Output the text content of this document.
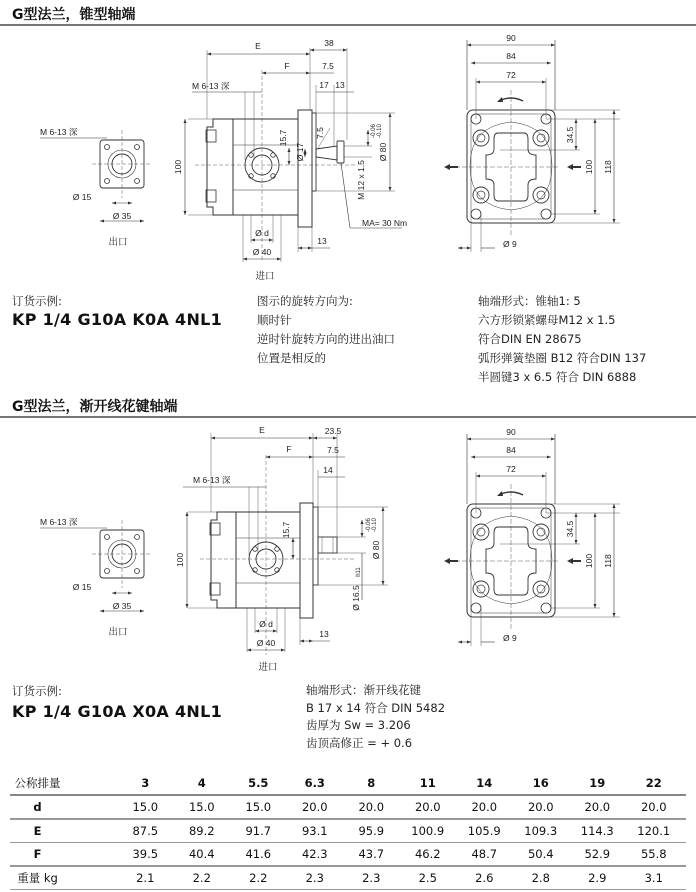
G型法兰，锥型轴端
G型法兰，渐开线花键轴端
M 6-13 深
Ø 15
Ø 35
出口
M 6-13 深
Ø 15
Ø 35
出口
E	38
F	7.5
17 13
M 6-13 深
100
15.7
Ø 17
7.5
Ø 80
-0.06 -0.10
M 12 x 1.5
MA= 30 Nm
Ø d
Ø 40
13
进口
E	23.5
F	7.5
14
M 6-13 深
100
15.7
Ø 80
-0.06 -0.10
h11
Ø 16.5
Ø d
Ø 40
13
进口
90
84
72
34.5
100 118
Ø 9
90
84
72
34.5
100 118
Ø 9
订货示例:
KP 1/4 G10A K0A 4NL1
图示的旋转方向为:
顺时针
逆时针旋转方向的进出油口
位置是相反的
轴端形式：锥轴1: 5
六方形锁紧螺母M12 x 1.5
符合DIN EN 28675
弧形弹簧垫圈 B12 符合DIN 137
半圆键3 x 6.5 符合 DIN 6888
订货示例:
KP 1/4 G10A X0A 4NL1
轴端形式：渐开线花键
B 17 x 14 符合 DIN 5482
齿厚为 Sw = 3.206
齿顶高修正 = + 0.6
公称排量	3	4	5.5	6.3	8	11	14	16	19	22
d	15.0	15.0	15.0	20.0	20.0	20.0	20.0	20.0	20.0	20.0
E	87.5	89.2	91.7	93.1	95.9	100.9	105.9	109.3	114.3	120.1
F	39.5	40.4	41.6	42.3	43.7	46.2	48.7	50.4	52.9	55.8
重量 kg	2.1	2.2	2.2	2.3	2.3	2.5	2.6	2.8	2.9	3.1
